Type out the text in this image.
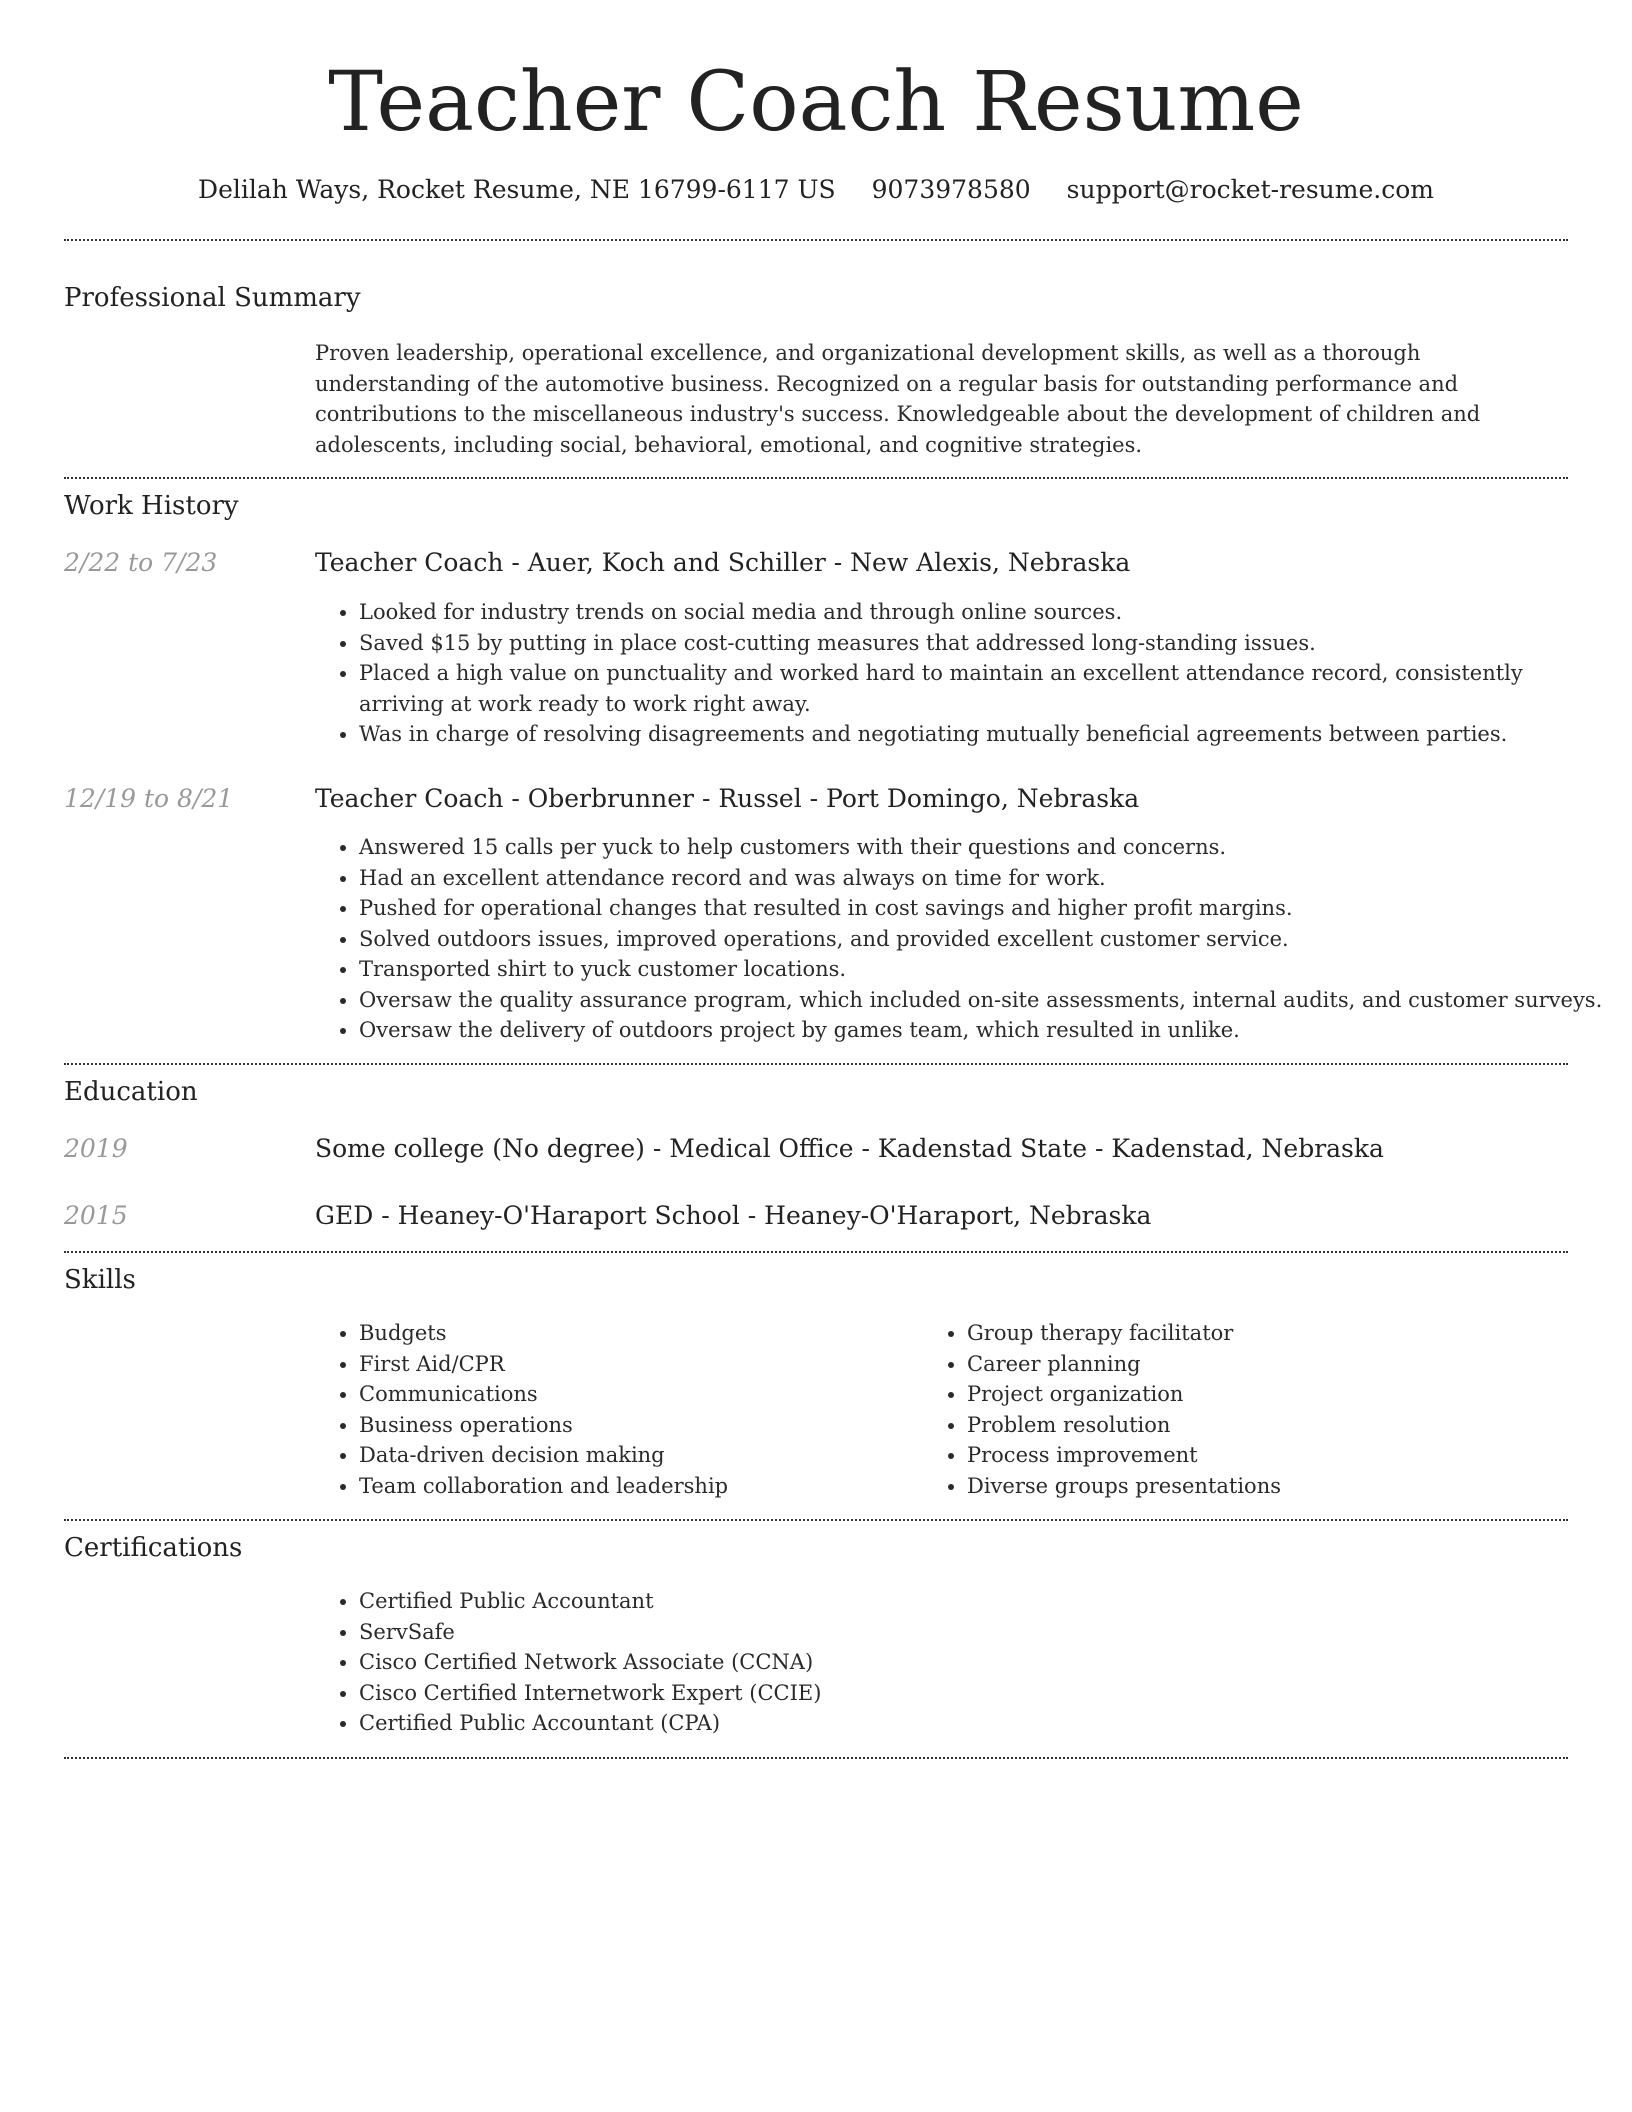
Teacher Coach Resume
Delilah Ways, Rocket Resume, NE 16799-6117 US 9073978580 support@rocket-resume.com
Professional Summary
Proven leadership, operational excellence, and organizational development skills, as well as a thorough understanding of the automotive business. Recognized on a regular basis for outstanding performance and contributions to the miscellaneous industry's success. Knowledgeable about the development of children and adolescents, including social, behavioral, emotional, and cognitive strategies.
Work History
2/22 to 7/23	Teacher Coach - Auer, Koch and Schiller - New Alexis, Nebraska
• Looked for industry trends on social media and through online sources.
• Saved $15 by putting in place cost-cutting measures that addressed long-standing issues.
• Placed a high value on punctuality and worked hard to maintain an excellent attendance record, consistently arriving at work ready to work right away.
• Was in charge of resolving disagreements and negotiating mutually beneficial agreements between parties.
12/19 to 8/21	Teacher Coach - Oberbrunner - Russel - Port Domingo, Nebraska
• Answered 15 calls per yuck to help customers with their questions and concerns.
• Had an excellent attendance record and was always on time for work.
• Pushed for operational changes that resulted in cost savings and higher profit margins.
• Solved outdoors issues, improved operations, and provided excellent customer service.
• Transported shirt to yuck customer locations.
• Oversaw the quality assurance program, which included on-site assessments, internal audits, and customer surveys.
• Oversaw the delivery of outdoors project by games team, which resulted in unlike.
Education
2019	Some college (No degree) - Medical Office - Kadenstad State - Kadenstad, Nebraska
2015	GED - Heaney-O'Haraport School - Heaney-O'Haraport, Nebraska
Skills
• Budgets
• First Aid/CPR
• Communications
• Business operations
• Data-driven decision making
• Team collaboration and leadership
• Group therapy facilitator
• Career planning
• Project organization
• Problem resolution
• Process improvement
• Diverse groups presentations
Certifications
• Certified Public Accountant
• ServSafe
• Cisco Certified Network Associate (CCNA)
• Cisco Certified Internetwork Expert (CCIE)
• Certified Public Accountant (CPA)
